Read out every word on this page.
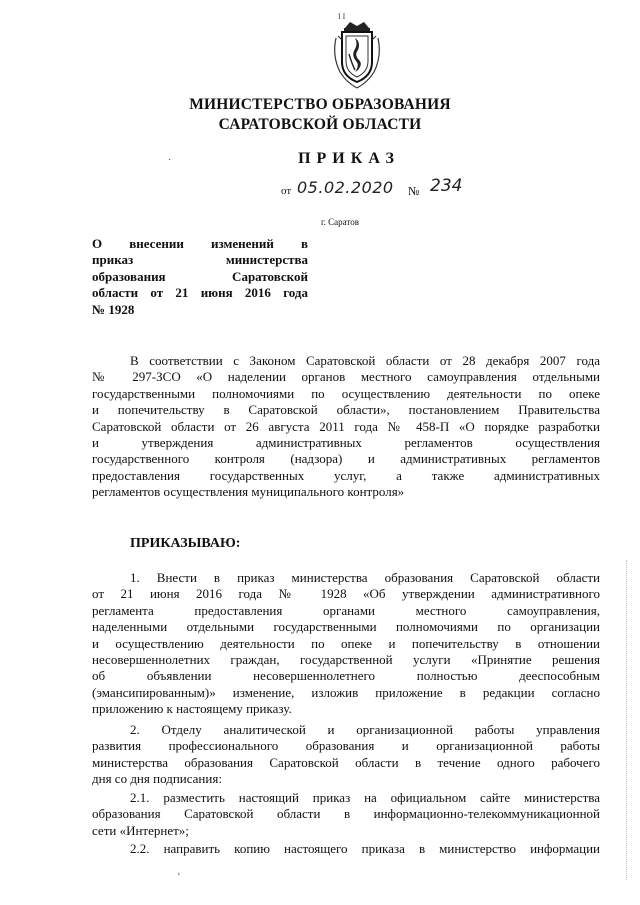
I I
МИНИСТЕРСТВО ОБРАЗОВАНИЯ
САРАТОВСКОЙ ОБЛАСТИ
˙	ПРИКАЗ
от 05.02.2020 № 234
г. Саратов
О внесении изменений в
приказ министерства
образования Саратовской
области от 21 июня 2016 года
№ 1928
В соответствии с Законом Саратовской области от 28 декабря 2007 года
№ 297-ЗСО «О наделении органов местного самоуправления отдельными
государственными полномочиями по осуществлению деятельности по опеке
и попечительству в Саратовской области», постановлением Правительства
Саратовской области от 26 августа 2011 года № 458-П «О порядке разработки
и утверждения административных регламентов осуществления
государственного контроля (надзора) и административных регламентов
предоставления государственных услуг, а также административных
регламентов осуществления муниципального контроля»
ПРИКАЗЫВАЮ:
1. Внести в приказ министерства образования Саратовской области
от 21 июня 2016 года № 1928 «Об утверждении административного
регламента предоставления органами местного самоуправления,
наделенными отдельными государственными полномочиями по организации
и осуществлению деятельности по опеке и попечительству в отношении
несовершеннолетних граждан, государственной услуги «Принятие решения
об объявлении несовершеннолетнего полностью дееспособным
(эмансипированным)» изменение, изложив приложение в редакции согласно
приложению к настоящему приказу.
2. Отделу аналитической и организационной работы управления
развития профессионального образования и организационной работы
министерства образования Саратовской области в течение одного рабочего
дня со дня подписания:
2.1. разместить настоящий приказ на официальном сайте министерства
образования Саратовской области в информационно-телекоммуникационной
сети «Интернет»;
2.2. направить копию настоящего приказа в министерство информации
'
